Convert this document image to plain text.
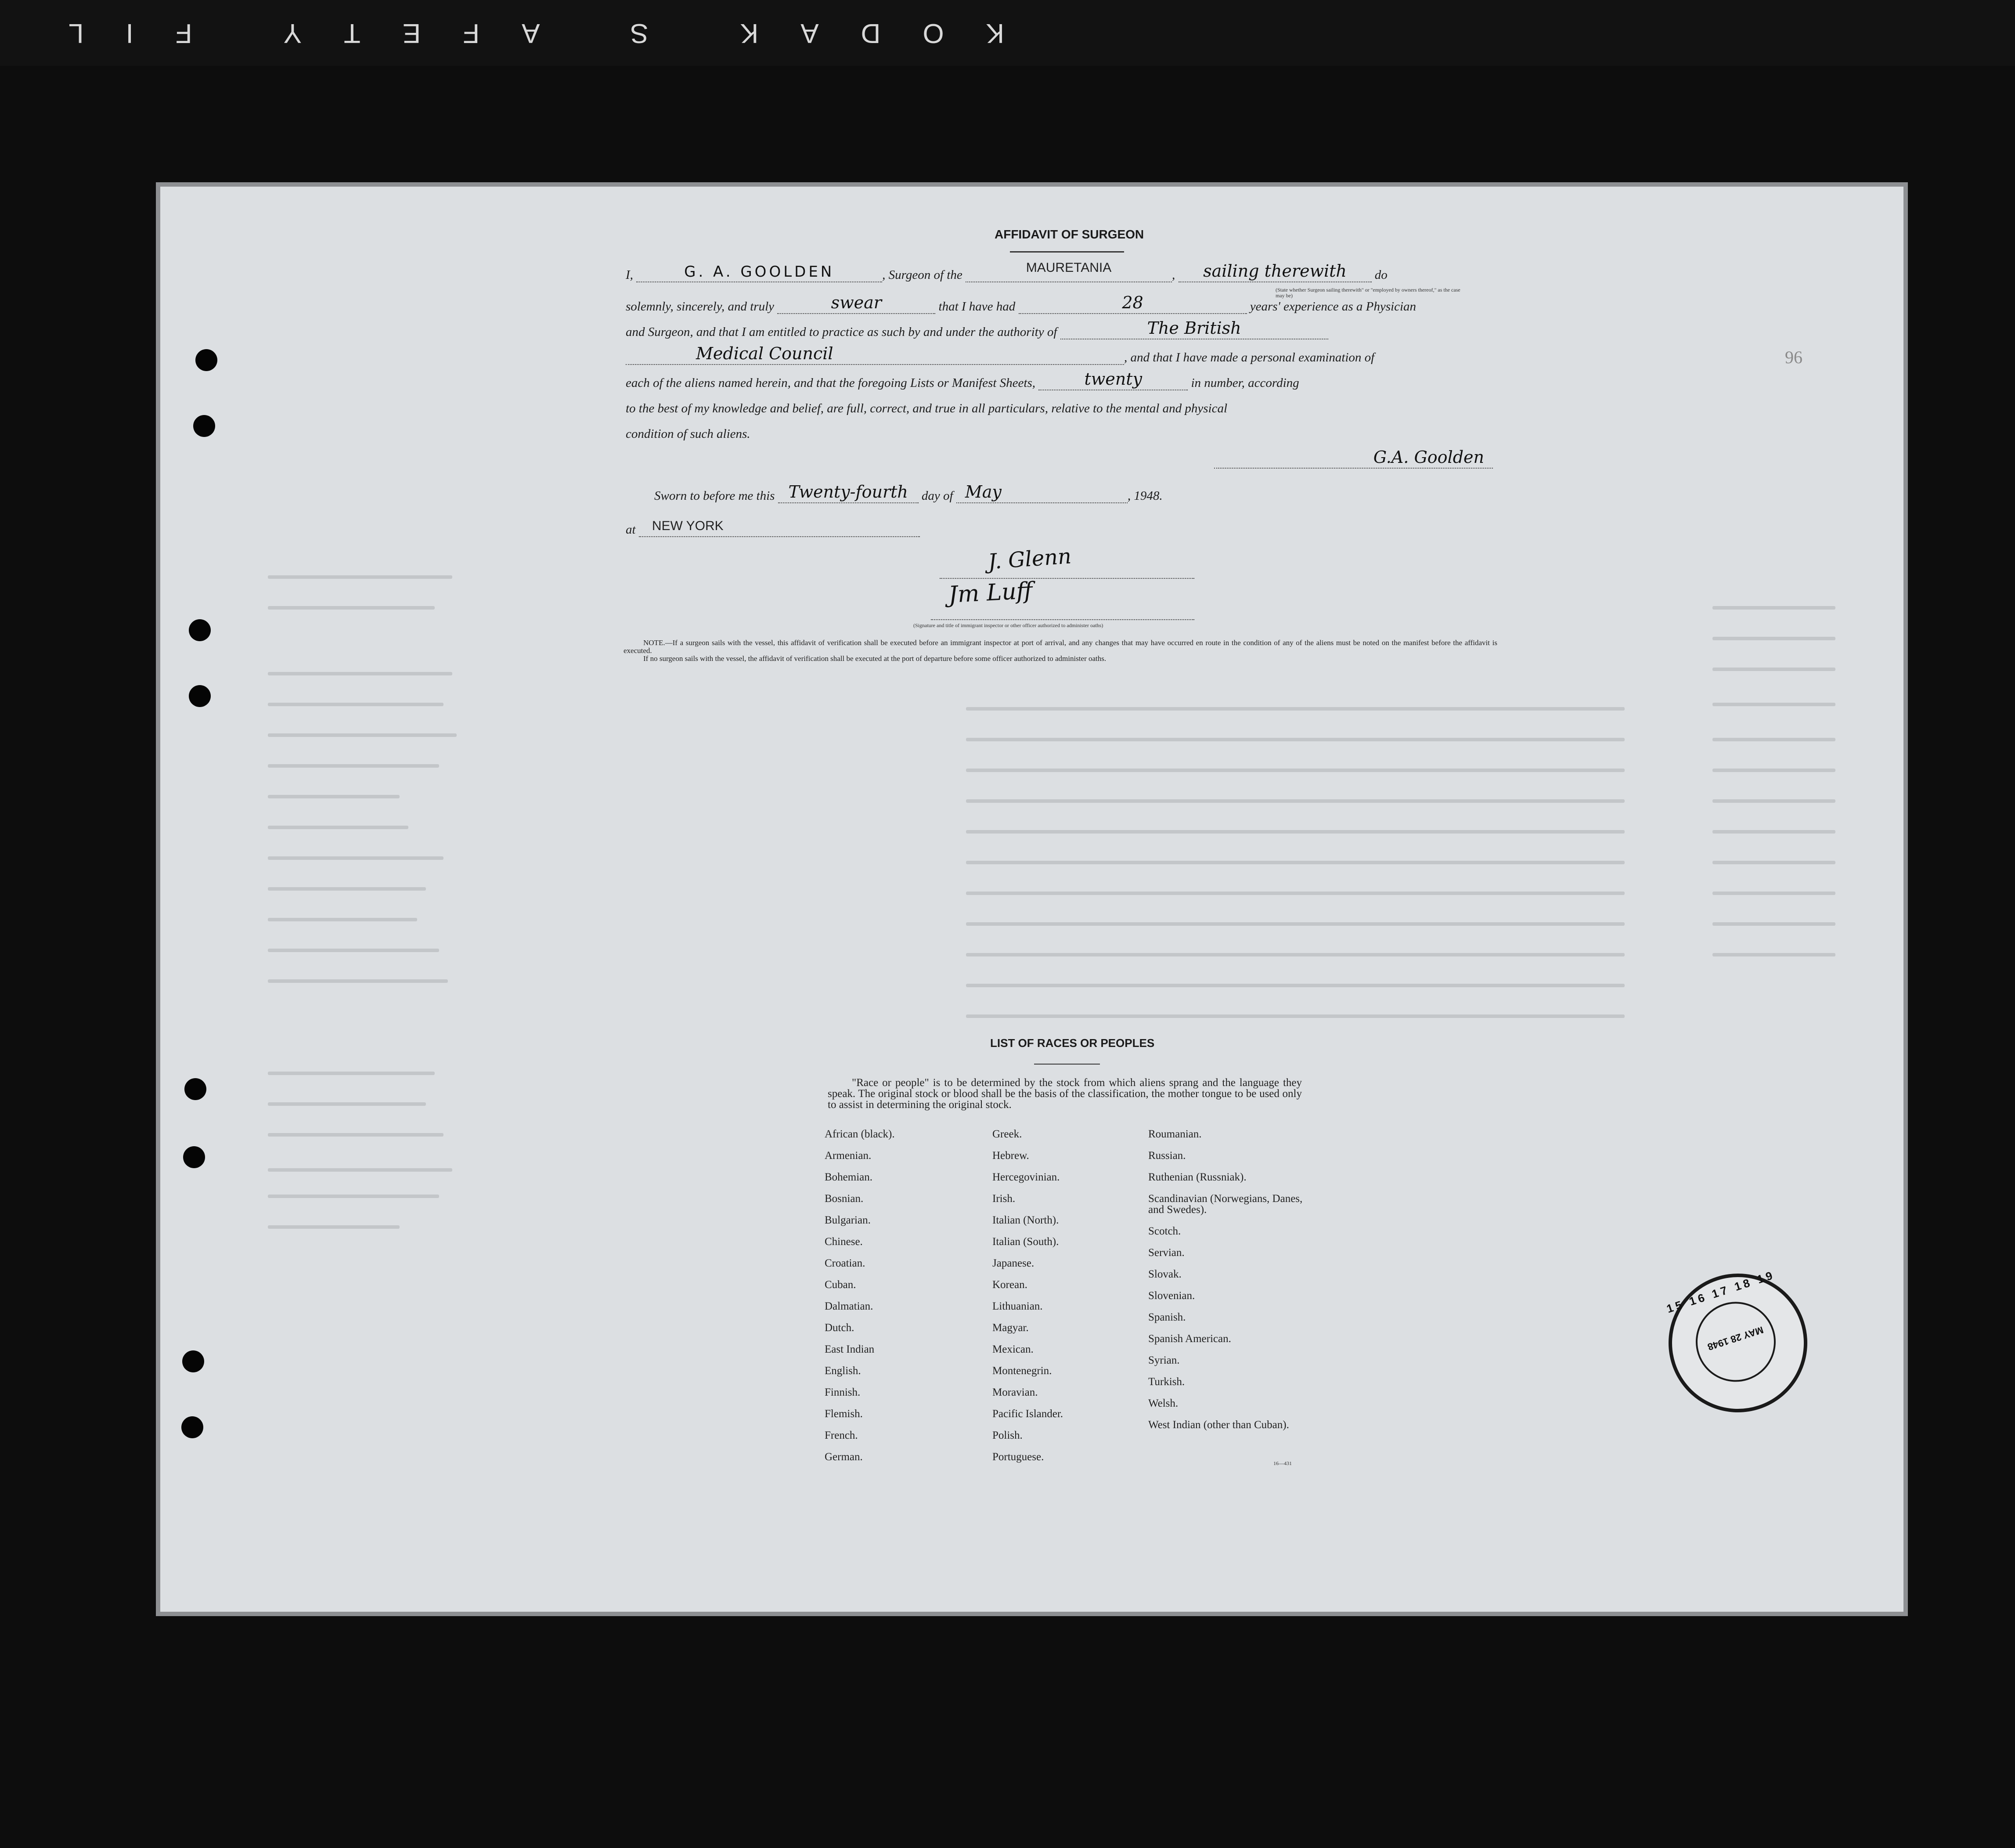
KODAK S AFETY FIL
96
AFFIDAVIT OF SURGEON
I,	G. A. GOOLDEN	, Surgeon of the	MAURETANIA	,	sailing therewith	do
(State whether Surgeon sailing therewith" or "employed by owners thereof," as the case may be)
solemnly, sincerely, and truly	swear	that I have had	28	years' experience as a Physician
and Surgeon, and that I am entitled to practice as such by and under the authority of	The British
Medical Council	, and that I have made a personal examination of
each of the aliens named herein, and that the foregoing Lists or Manifest Sheets,	twenty	in number, according
to the best of my knowledge and belief, are full, correct, and true in all particulars, relative to the mental and physical
condition of such aliens.
G.A. Goolden
Sworn to before me this Twenty-fourth	day of May	, 1948.
at NEW YORK
J. Glenn
Jm Luff
(Signature and title of immigrant inspector or other officer authorized to administer oaths)
NOTE.—If a surgeon sails with the vessel, this affidavit of verification shall be executed before an immigrant inspector at port of arrival, and any changes that may have occurred en route in the condition of any of the aliens must be noted on the manifest before the affidavit is executed.
If no surgeon sails with the vessel, the affidavit of verification shall be executed at the port of departure before some officer authorized to administer oaths.
LIST OF RACES OR PEOPLES
"Race or people" is to be determined by the stock from which aliens sprang and the language they speak. The original stock or blood shall be the basis of the classification, the mother tongue to be used only to assist in determining the original stock.
African (black).
Armenian.
Bohemian.
Bosnian.
Bulgarian.
Chinese.
Croatian.
Cuban.
Dalmatian.
Dutch.
East Indian
English.
Finnish.
Flemish.
French.
German.
Greek.
Hebrew.
Hercegovinian.
Irish.
Italian (North).
Italian (South).
Japanese.
Korean.
Lithuanian.
Magyar.
Mexican.
Montenegrin.
Moravian.
Pacific Islander.
Polish.
Portuguese.
Roumanian.
Russian.
Ruthenian (Russniak).
Scandinavian (Norwegians, Danes, and Swedes).
Scotch.
Servian.
Slovak.
Slovenian.
Spanish.
Spanish American.
Syrian.
Turkish.
Welsh.
West Indian (other than Cuban).
16—431
15 16 17 18 19
MAY 28 1948
